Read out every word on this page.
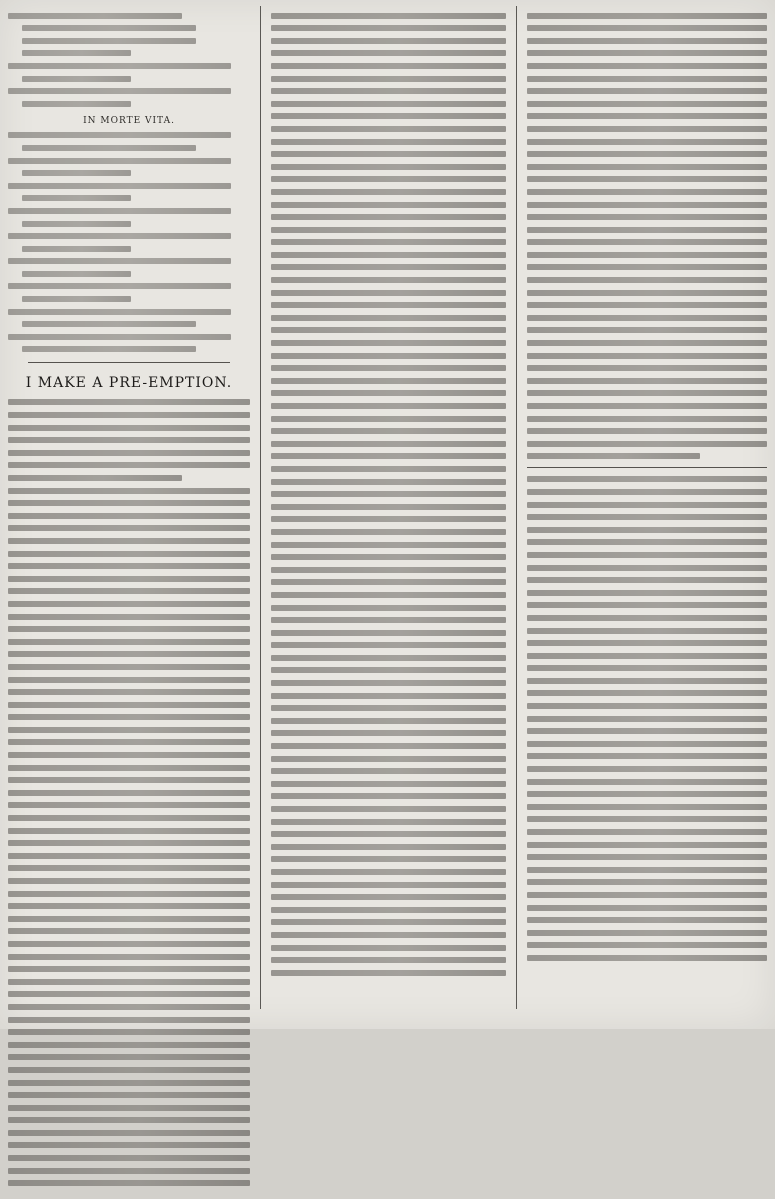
IN MORTE VITA.
I MAKE A PRE-EMPTION.
